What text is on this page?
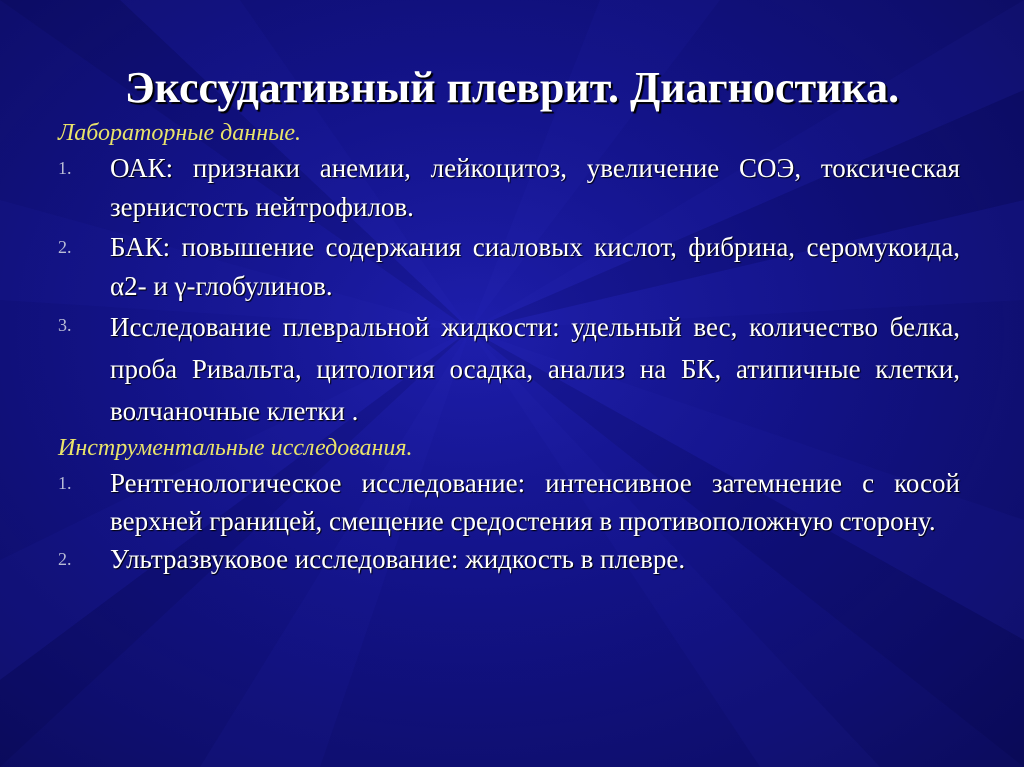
Экссудативный плеврит. Диагностика.
Лабораторные данные.
1. ОАК: признаки анемии, лейкоцитоз, увеличение СОЭ, токсическая зернистость нейтрофилов.
2. БАК: повышение содержания сиаловых кислот, фибрина, серомукоида, α2- и γ-глобулинов.
3. Исследование плевральной жидкости: удельный вес, количество белка, проба Ривальта, цитология осадка, анализ на БК, атипичные клетки, волчаночные клетки .
Инструментальные исследования.
1. Рентгенологическое исследование: интенсивное затемнение с косой верхней границей, смещение средостения в противоположную сторону.
2. Ультразвуковое исследование: жидкость в плевре.
